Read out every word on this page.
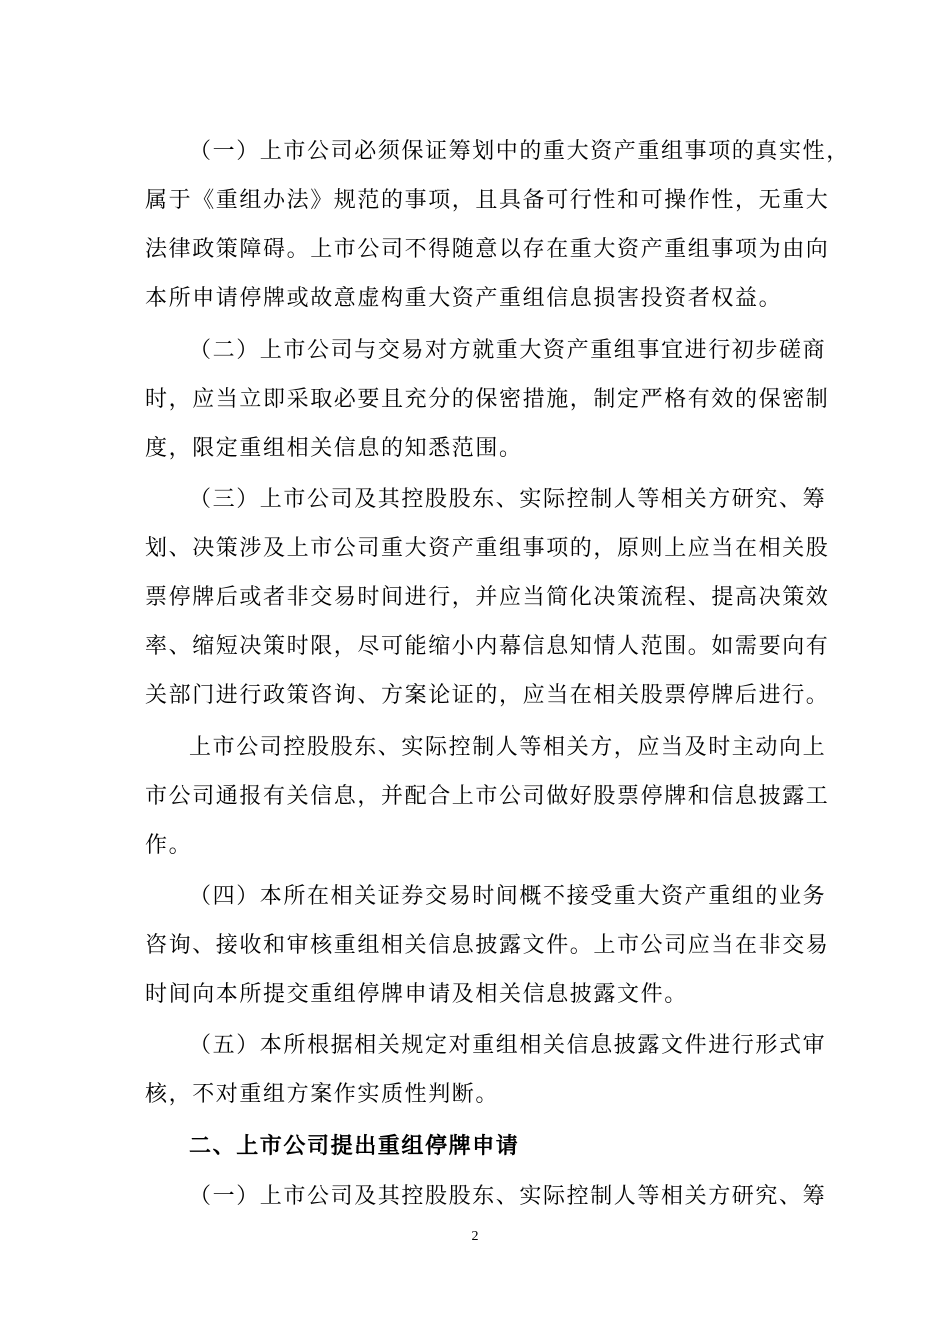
（一）上市公司必须保证筹划中的重大资产重组事项的真实性，
属于《重组办法》规范的事项，且具备可行性和可操作性，无重大
法律政策障碍。上市公司不得随意以存在重大资产重组事项为由向
本所申请停牌或故意虚构重大资产重组信息损害投资者权益。
（二）上市公司与交易对方就重大资产重组事宜进行初步磋商
时，应当立即采取必要且充分的保密措施，制定严格有效的保密制
度，限定重组相关信息的知悉范围。
（三）上市公司及其控股股东、实际控制人等相关方研究、筹
划、决策涉及上市公司重大资产重组事项的，原则上应当在相关股
票停牌后或者非交易时间进行，并应当简化决策流程、提高决策效
率、缩短决策时限，尽可能缩小内幕信息知情人范围。如需要向有
关部门进行政策咨询、方案论证的，应当在相关股票停牌后进行。
上市公司控股股东、实际控制人等相关方，应当及时主动向上
市公司通报有关信息，并配合上市公司做好股票停牌和信息披露工
作。
（四）本所在相关证券交易时间概不接受重大资产重组的业务
咨询、接收和审核重组相关信息披露文件。上市公司应当在非交易
时间向本所提交重组停牌申请及相关信息披露文件。
（五）本所根据相关规定对重组相关信息披露文件进行形式审
核，不对重组方案作实质性判断。
二、上市公司提出重组停牌申请
（一）上市公司及其控股股东、实际控制人等相关方研究、筹
2
